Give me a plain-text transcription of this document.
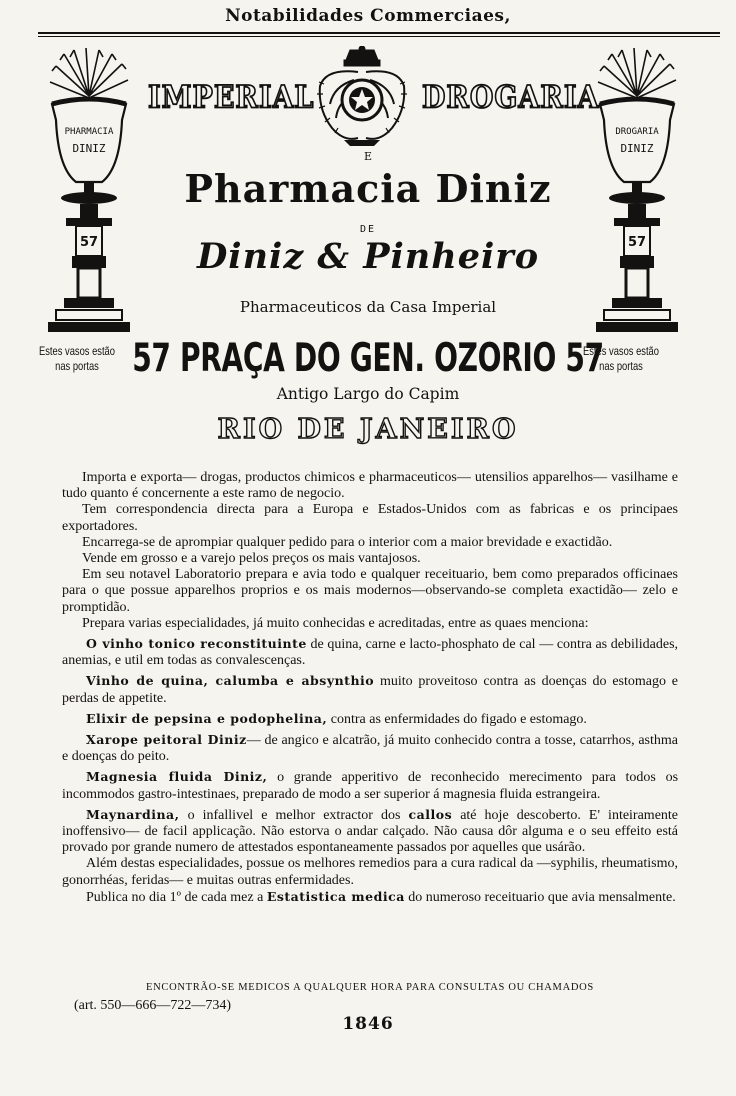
Notabilidades Commerciaes,
PHARMACIA
DINIZ
57
DROGARIA
DINIZ
57
Estes vasos estão
nas portas
Estes vasos estão
nas portas
IMPERIAL	DROGARIA
E
Pharmacia Diniz
DE
Diniz & Pinheiro
Pharmaceuticos da Casa Imperial
57 PRAÇA DO GEN. OZORIO 57
Antigo Largo do Capim
RIO DE JANEIRO

Importa e exporta— drogas, productos chimicos e pharmaceuticos— utensilios apparelhos— vasilhame e tudo quanto é concernente a este ramo de negocio.

Tem correspondencia directa para a Europa e Estados-Unidos com as fabricas e os principaes exportadores.

Encarrega-se de aprompiar qualquer pedido para o interior com a maior brevidade e exactidão.

Vende em grosso e a varejo pelos preços os mais vantajosos.

Em seu notavel Laboratorio prepara e avia todo e qualquer receituario, bem como preparados officinaes para o que possue apparelhos proprios e os mais modernos—observando-se completa exactidão— zelo e promptidão.

Prepara varias especialidades, já muito conhecidas e acreditadas, entre as quaes menciona:

O vinho tonico reconstituinte de quina, carne e lacto-phosphato de cal — contra as debilidades, anemias, e util em todas as convalescenças.

Vinho de quina, calumba e absynthio muito proveitoso contra as doenças do estomago e perdas de appetite.

Elixir de pepsina e podophelina, contra as enfermidades do figado e estomago.

Xarope peitoral Diniz— de angico e alcatrão, já muito conhecido contra a tosse, catarrhos, asthma e doenças do peito.

Magnesia fluida Diniz, o grande apperitivo de reconhecido merecimento para todos os incommodos gastro-intestinaes, preparado de modo a ser superior á magnesia fluida estrangeira.

Maynardina, o infallivel e melhor extractor dos callos até hoje descoberto. E' inteiramente inoffensivo— de facil applicação. Não estorva o andar calçado. Não causa dôr alguma e o seu effeito está provado por grande numero de attestados espontaneamente passados por aquelles que usárão.

Além destas especialidades, possue os melhores remedios para a cura radical da —syphilis, rheumatismo, gonorrhéas, feridas— e muitas outras enfermidades.

Publica no dia 1º de cada mez a Estatistica medica do numeroso receituario que avia mensalmente.

ENCONTRÃO-SE MEDICOS A QUALQUER HORA PARA CONSULTAS OU CHAMADOS
(art. 550—666—722—734)
1846
